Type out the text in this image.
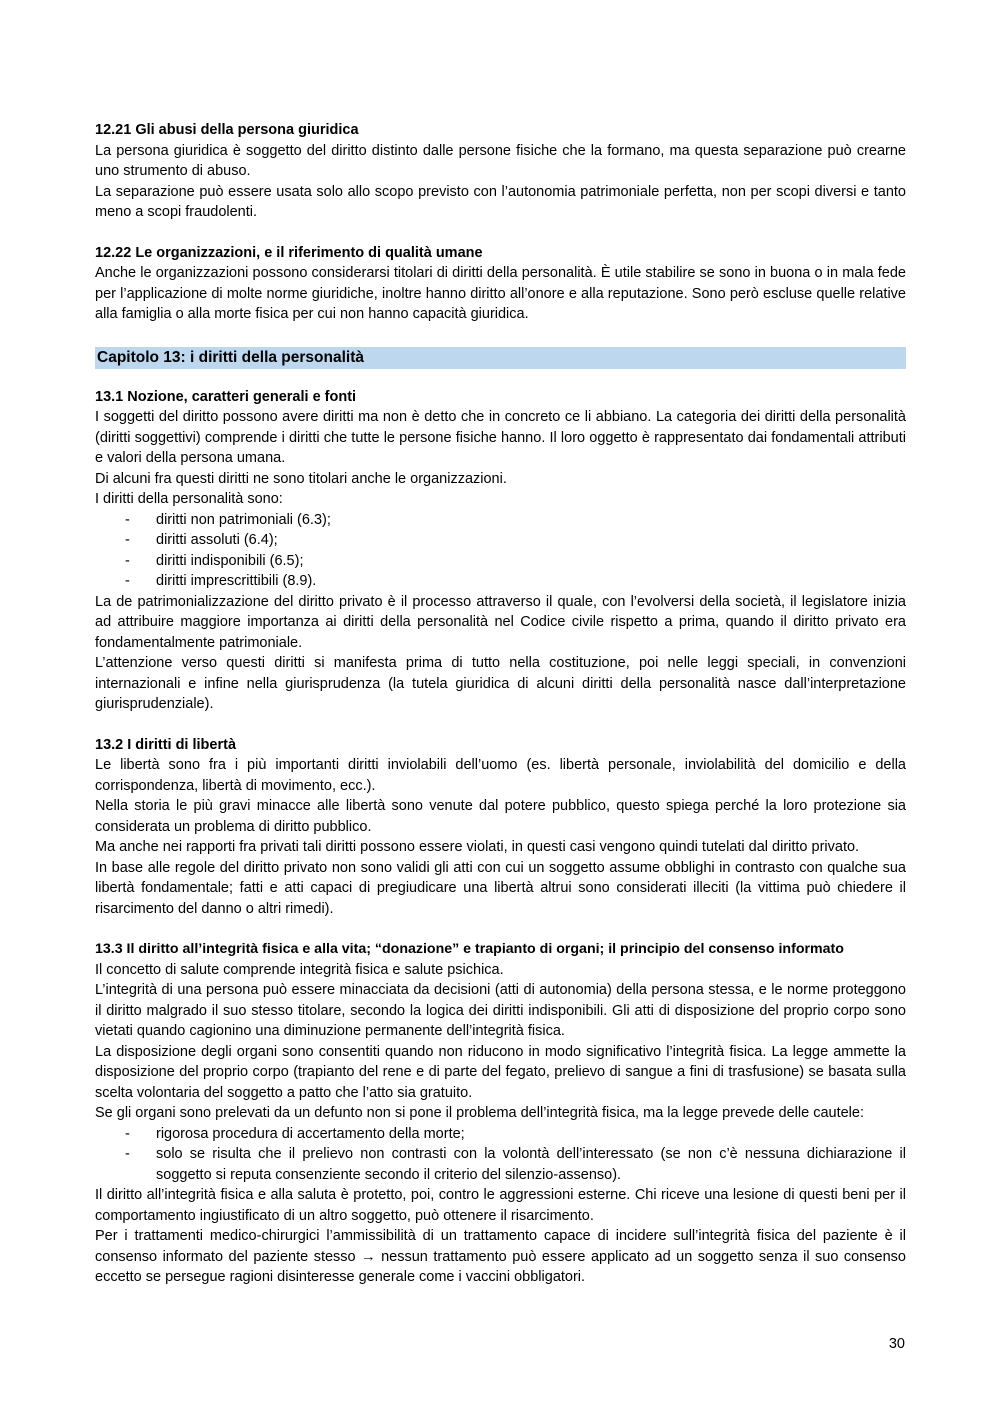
12.21 Gli abusi della persona giuridica

La persona giuridica è soggetto del diritto distinto dalle persone fisiche che la formano, ma questa separazione può crearne uno strumento di abuso.

La separazione può essere usata solo allo scopo previsto con l’autonomia patrimoniale perfetta, non per scopi diversi e tanto meno a scopi fraudolenti.

12.22 Le organizzazioni, e il riferimento di qualità umane

Anche le organizzazioni possono considerarsi titolari di diritti della personalità. È utile stabilire se sono in buona o in mala fede per l’applicazione di molte norme giuridiche, inoltre hanno diritto all’onore e alla reputazione. Sono però escluse quelle relative alla famiglia o alla morte fisica per cui non hanno capacità giuridica.

Capitolo 13: i diritti della personalità

13.1 Nozione, caratteri generali e fonti

I soggetti del diritto possono avere diritti ma non è detto che in concreto ce li abbiano. La categoria dei diritti della personalità (diritti soggettivi) comprende i diritti che tutte le persone fisiche hanno. Il loro oggetto è rappresentato dai fondamentali attributi e valori della persona umana.

Di alcuni fra questi diritti ne sono titolari anche le organizzazioni.

I diritti della personalità sono:

- diritti non patrimoniali (6.3);
- diritti assoluti (6.4);
- diritti indisponibili (6.5);
- diritti imprescrittibili (8.9).

La de patrimonializzazione del diritto privato è il processo attraverso il quale, con l’evolversi della società, il legislatore inizia ad attribuire maggiore importanza ai diritti della personalità nel Codice civile rispetto a prima, quando il diritto privato era fondamentalmente patrimoniale.

L’attenzione verso questi diritti si manifesta prima di tutto nella costituzione, poi nelle leggi speciali, in convenzioni internazionali e infine nella giurisprudenza (la tutela giuridica di alcuni diritti della personalità nasce dall’interpretazione giurisprudenziale).

13.2 I diritti di libertà

Le libertà sono fra i più importanti diritti inviolabili dell’uomo (es. libertà personale, inviolabilità del domicilio e della corrispondenza, libertà di movimento, ecc.).

Nella storia le più gravi minacce alle libertà sono venute dal potere pubblico, questo spiega perché la loro protezione sia considerata un problema di diritto pubblico.

Ma anche nei rapporti fra privati tali diritti possono essere violati, in questi casi vengono quindi tutelati dal diritto privato.

In base alle regole del diritto privato non sono validi gli atti con cui un soggetto assume obblighi in contrasto con qualche sua libertà fondamentale; fatti e atti capaci di pregiudicare una libertà altrui sono considerati illeciti (la vittima può chiedere il risarcimento del danno o altri rimedi).

13.3 Il diritto all’integrità fisica e alla vita; “donazione” e trapianto di organi; il principio del consenso informato

Il concetto di salute comprende integrità fisica e salute psichica.

L’integrità di una persona può essere minacciata da decisioni (atti di autonomia) della persona stessa, e le norme proteggono il diritto malgrado il suo stesso titolare, secondo la logica dei diritti indisponibili. Gli atti di disposizione del proprio corpo sono vietati quando cagionino una diminuzione permanente dell’integrità fisica.

La disposizione degli organi sono consentiti quando non riducono in modo significativo l’integrità fisica. La legge ammette la disposizione del proprio corpo (trapianto del rene e di parte del fegato, prelievo di sangue a fini di trasfusione) se basata sulla scelta volontaria del soggetto a patto che l’atto sia gratuito.

Se gli organi sono prelevati da un defunto non si pone il problema dell’integrità fisica, ma la legge prevede delle cautele:

- rigorosa procedura di accertamento della morte;
- solo se risulta che il prelievo non contrasti con la volontà dell’interessato (se non c’è nessuna dichiarazione il soggetto si reputa consenziente secondo il criterio del silenzio-assenso).

Il diritto all’integrità fisica e alla saluta è protetto, poi, contro le aggressioni esterne. Chi riceve una lesione di questi beni per il comportamento ingiustificato di un altro soggetto, può ottenere il risarcimento.

Per i trattamenti medico-chirurgici l’ammissibilità di un trattamento capace di incidere sull’integrità fisica del paziente è il consenso informato del paziente stesso → nessun trattamento può essere applicato ad un soggetto senza il suo consenso eccetto se persegue ragioni disinteresse generale come i vaccini obbligatori.

30
